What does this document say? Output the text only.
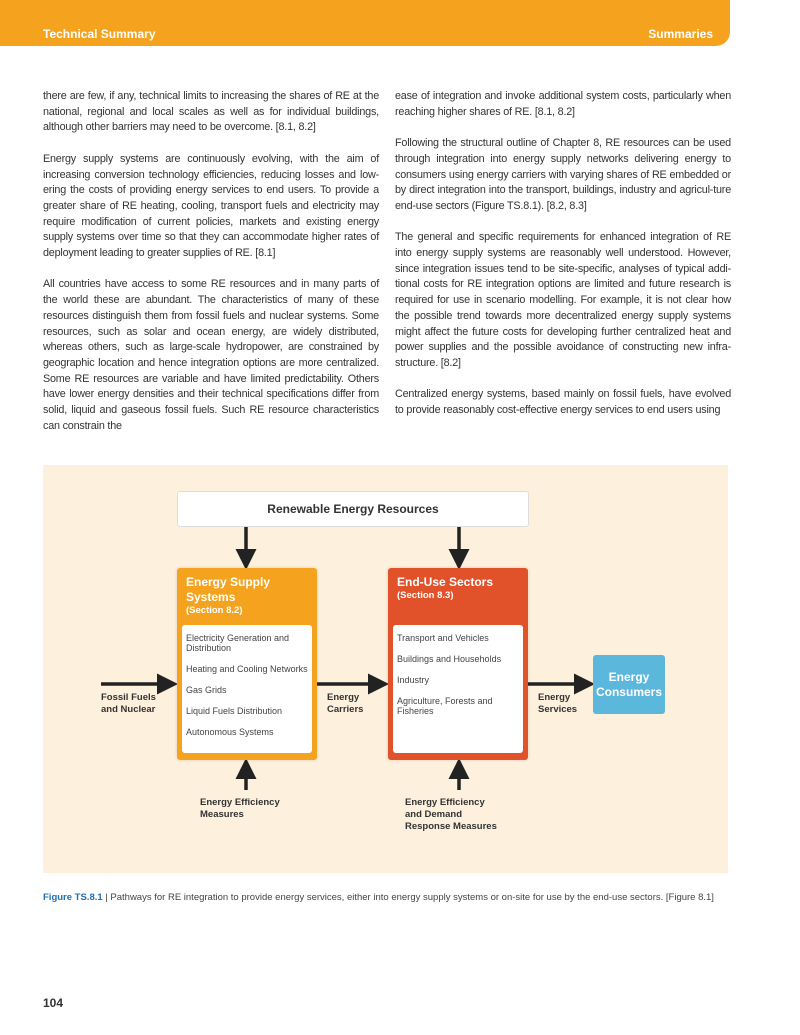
Technical Summary	Summaries

there are few, if any, technical limits to increasing the shares of RE at the national, regional and local scales as well as for individual buildings, although other barriers may need to be overcome. [8.1, 8.2]

Energy supply systems are continuously evolving, with the aim of increasing conversion technology efficiencies, reducing losses and low-ering the costs of providing energy services to end users. To provide a greater share of RE heating, cooling, transport fuels and electricity may require modification of current policies, markets and existing energy supply systems over time so that they can accommodate higher rates of deployment leading to greater supplies of RE. [8.1]

All countries have access to some RE resources and in many parts of the world these are abundant. The characteristics of many of these resources distinguish them from fossil fuels and nuclear systems. Some resources, such as solar and ocean energy, are widely distributed, whereas others, such as large-scale hydropower, are constrained by geographic location and hence integration options are more centralized. Some RE resources are variable and have limited predictability. Others have lower energy densities and their technical specifications differ from solid, liquid and gaseous fossil fuels. Such RE resource characteristics can constrain the

ease of integration and invoke additional system costs, particularly when reaching higher shares of RE. [8.1, 8.2]

Following the structural outline of Chapter 8, RE resources can be used through integration into energy supply networks delivering energy to consumers using energy carriers with varying shares of RE embedded or by direct integration into the transport, buildings, industry and agricul-ture end-use sectors (Figure TS.8.1). [8.2, 8.3]

The general and specific requirements for enhanced integration of RE into energy supply systems are reasonably well understood. However, since integration issues tend to be site-specific, analyses of typical addi-tional costs for RE integration options are limited and future research is required for use in scenario modelling. For example, it is not clear how the possible trend towards more decentralized energy supply systems might affect the future costs for developing further centralized heat and power supplies and the possible avoidance of constructing new infra-structure. [8.2]

Centralized energy systems, based mainly on fossil fuels, have evolved to provide reasonably cost-effective energy services to end users using

Renewable Energy Resources
Energy Supply Systems
(Section 8.2)
Electricity Generation and Distribution
Heating and Cooling Networks
Gas Grids
Liquid Fuels Distribution
Autonomous Systems
End-Use Sectors
(Section 8.3)
Transport and Vehicles
Buildings and Households
Industry
Agriculture, Forests and Fisheries
Energy Consumers
Fossil Fuels and Nuclear
Energy Carriers
Energy Services
Energy Efficiency Measures
Energy Efficiency and Demand Response Measures
Figure TS.8.1 | Pathways for RE integration to provide energy services, either into energy supply systems or on-site for use by the end-use sectors. [Figure 8.1]
104
